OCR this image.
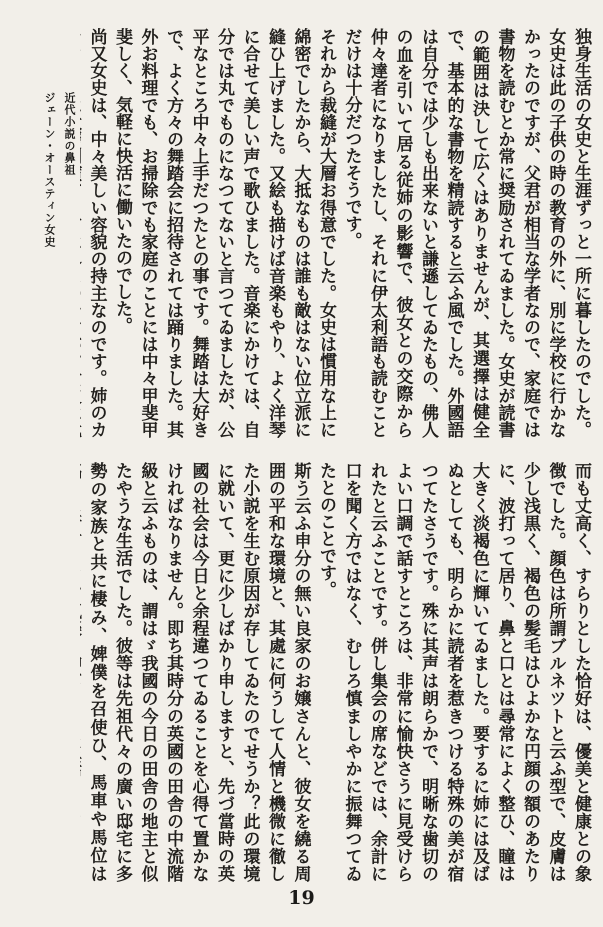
近代小説の鼻祖
ジェーン・オースティン女史	独身生活の女史と生涯ずっと一所に暮したのでした。女史は此の子供の時の教育の外に、別に学校に行かなかったのですが、父君が相当な学者なので、家庭では書物を読むとか常に奨励されてゐました。女史が読書の範囲は決して広くはありませんが、其選擇は健全で、基本的な書物を精読すると云ふ風でした。外國語は自分では少しも出来ないと謙遜してゐたもの、佛人の血を引いて居る従姉の影響で、彼女との交際から仲々達者になりましたし、それに伊太利語も読むことだけは十分だつたそうです。

それから裁縫が大層お得意でした。女史は慣用な上に綿密でしたから、大抵なものは誰も敵はない位立派に縫ひ上げました。又絵も描けば音楽もやり、よく洋琴に合せて美しい声で歌ひました。音楽にかけては、自分では丸でものになつてないと言つてゐましたが、公平なところ中々上手だつたとの事です。舞踏は大好きで、よく方々の舞踏会に招待されては踊りました。其外お料理でも、お掃除でも家庭のことには中々甲斐甲斐しく、気軽に快活に働いたのでした。

尚又女史は、中々美しい容貌の持主なのです。姉のカ

而も丈高く、すらりとした恰好は、優美と健康との象徴でした。顔色は所謂ブルネツトと云ふ型で、皮膚は少し浅黒く、褐色の髪毛はひよかな円顔の額のあたりに、波打って居り、鼻と口とは尋常によく整ひ、瞳は大きく淡褐色に輝いてゐました。要するに姉には及ばぬとしても、明らかに読者を惹きつける特殊の美が宿つてたさうです。殊に其声は朗らかで、明晰な歯切のよい口調で話すところは、非常に愉快さうに見受けられたと云ふことです。併し集会の席などでは、余計に口を聞く方ではなく、むしろ慎ましやかに振舞つてゐたとのことです。

斯う云ふ申分の無い良家のお嬢さんと、彼女を繞る周囲の平和な環境と、其處に何うして人情と機微に徹した小説を生む原因が存してゐたのでせうか？此の環境に就いて、更に少しばかり申しますと、先づ當時の英國の社会は今日と余程違つてゐることを心得て置かなければなりません。即ち其時分の英國の田舎の中流階級と云ふものは、謂はゞ我國の今日の田舎の地主と似たやうな生活でした。彼等は先祖代々の廣い邸宅に多勢の家族と共に棲み、婢僕を召使ひ、馬車や馬位は

19
